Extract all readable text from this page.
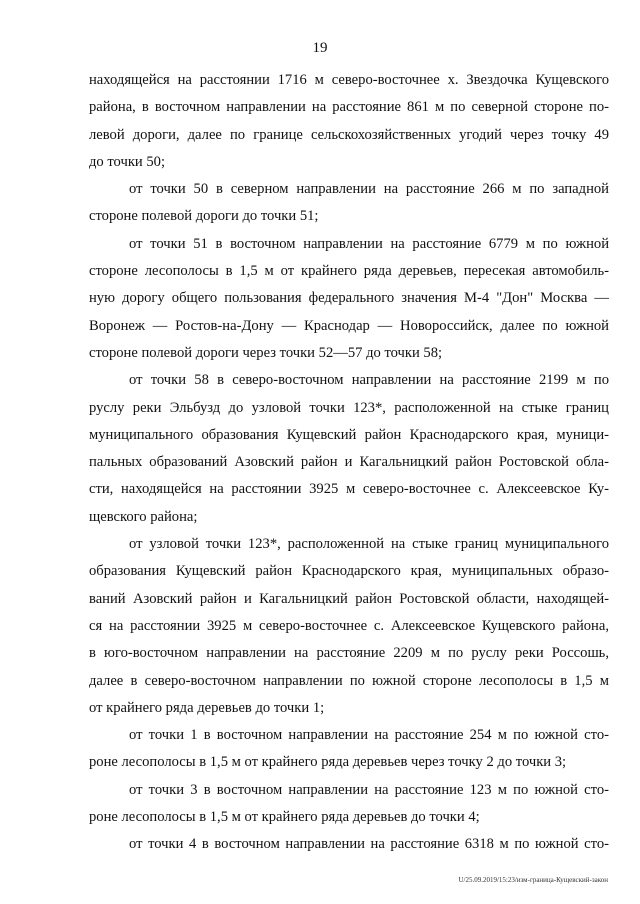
19
находящейся на расстоянии 1716 м северо-восточнее х. Звездочка Кущевского
района, в восточном направлении на расстояние 861 м по северной стороне по-
левой дороги, далее по границе сельскохозяйственных угодий через точку 49
до точки 50;
от точки 50 в северном направлении на расстояние 266 м по западной
стороне полевой дороги до точки 51;
от точки 51 в восточном направлении на расстояние 6779 м по южной
стороне лесополосы в 1,5 м от крайнего ряда деревьев, пересекая автомобиль-
ную дорогу общего пользования федерального значения М-4 "Дон" Москва —
Воронеж — Ростов-на-Дону — Краснодар — Новороссийск, далее по южной
стороне полевой дороги через точки 52—57 до точки 58;
от точки 58 в северо-восточном направлении на расстояние 2199 м по
руслу реки Эльбузд до узловой точки 123*, расположенной на стыке границ
муниципального образования Кущевский район Краснодарского края, муници-
пальных образований Азовский район и Кагальницкий район Ростовской обла-
сти, находящейся на расстоянии 3925 м северо-восточнее с. Алексеевское Ку-
щевского района;
от узловой точки 123*, расположенной на стыке границ муниципального
образования Кущевский район Краснодарского края, муниципальных образо-
ваний Азовский район и Кагальницкий район Ростовской области, находящей-
ся на расстоянии 3925 м северо-восточнее с. Алексеевское Кущевского района,
в юго-восточном направлении на расстояние 2209 м по руслу реки Россошь,
далее в северо-восточном направлении по южной стороне лесополосы в 1,5 м
от крайнего ряда деревьев до точки 1;
от точки 1 в восточном направлении на расстояние 254 м по южной сто-
роне лесополосы в 1,5 м от крайнего ряда деревьев через точку 2 до точки 3;
от точки 3 в восточном направлении на расстояние 123 м по южной сто-
роне лесополосы в 1,5 м от крайнего ряда деревьев до точки 4;
от точки 4 в восточном направлении на расстояние 6318 м по южной сто-
U/25.09.2019/15:23/изм-граница-Кущевский-закон
